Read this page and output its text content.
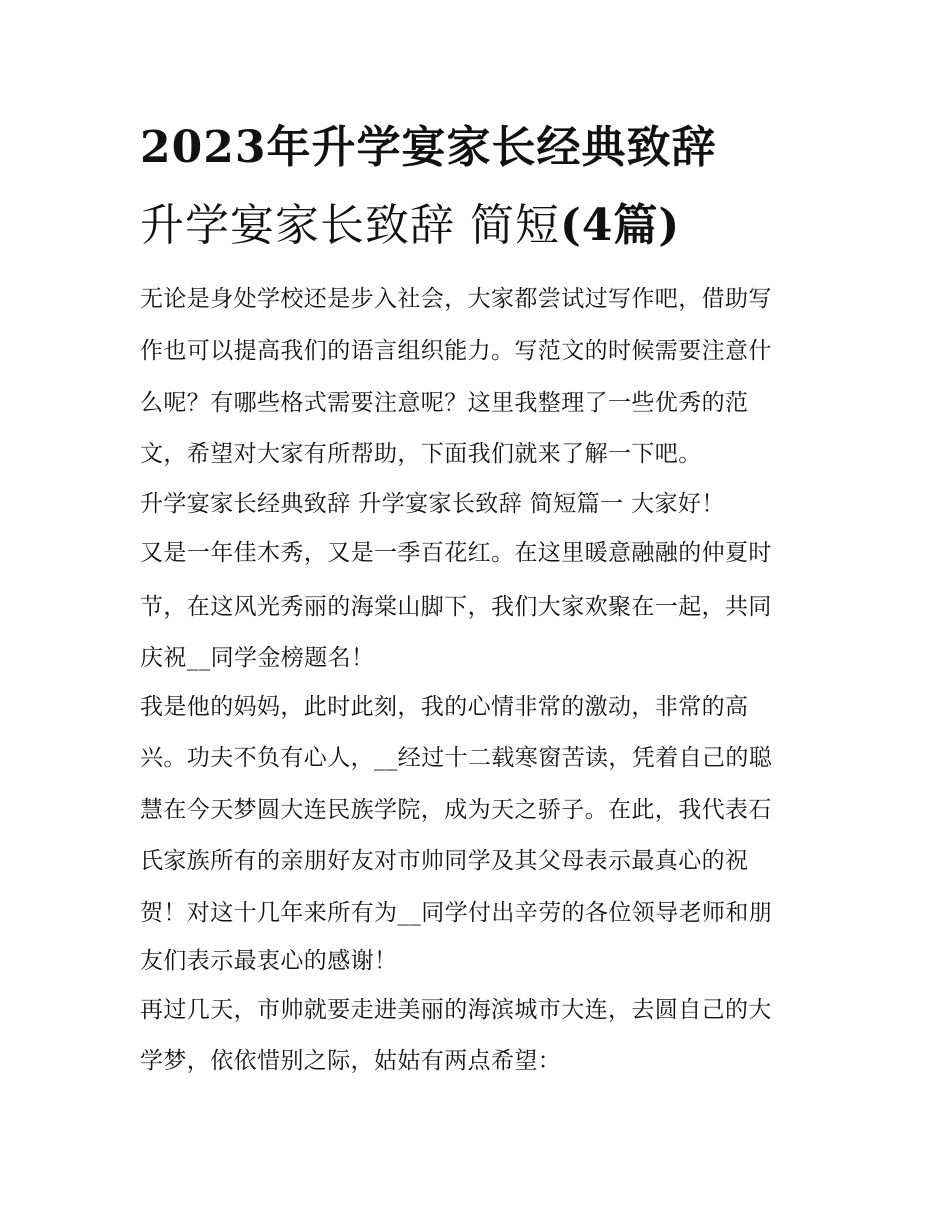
2023年升学宴家长经典致辞
升学宴家长致辞 简短(4篇)
无论是身处学校还是步入社会，大家都尝试过写作吧，借助写
作也可以提高我们的语言组织能力。写范文的时候需要注意什
么呢？有哪些格式需要注意呢？这里我整理了一些优秀的范
文，希望对大家有所帮助，下面我们就来了解一下吧。
升学宴家长经典致辞 升学宴家长致辞 简短篇一 大家好！
又是一年佳木秀，又是一季百花红。在这里暖意融融的仲夏时
节，在这风光秀丽的海棠山脚下，我们大家欢聚在一起，共同
庆祝__同学金榜题名！
我是他的妈妈，此时此刻，我的心情非常的激动，非常的高
兴。功夫不负有心人，__经过十二载寒窗苦读，凭着自己的聪
慧在今天梦圆大连民族学院，成为天之骄子。在此，我代表石
氏家族所有的亲朋好友对市帅同学及其父母表示最真心的祝
贺！对这十几年来所有为__同学付出辛劳的各位领导老师和朋
友们表示最衷心的感谢！
再过几天，市帅就要走进美丽的海滨城市大连，去圆自己的大
学梦，依依惜别之际，姑姑有两点希望：
